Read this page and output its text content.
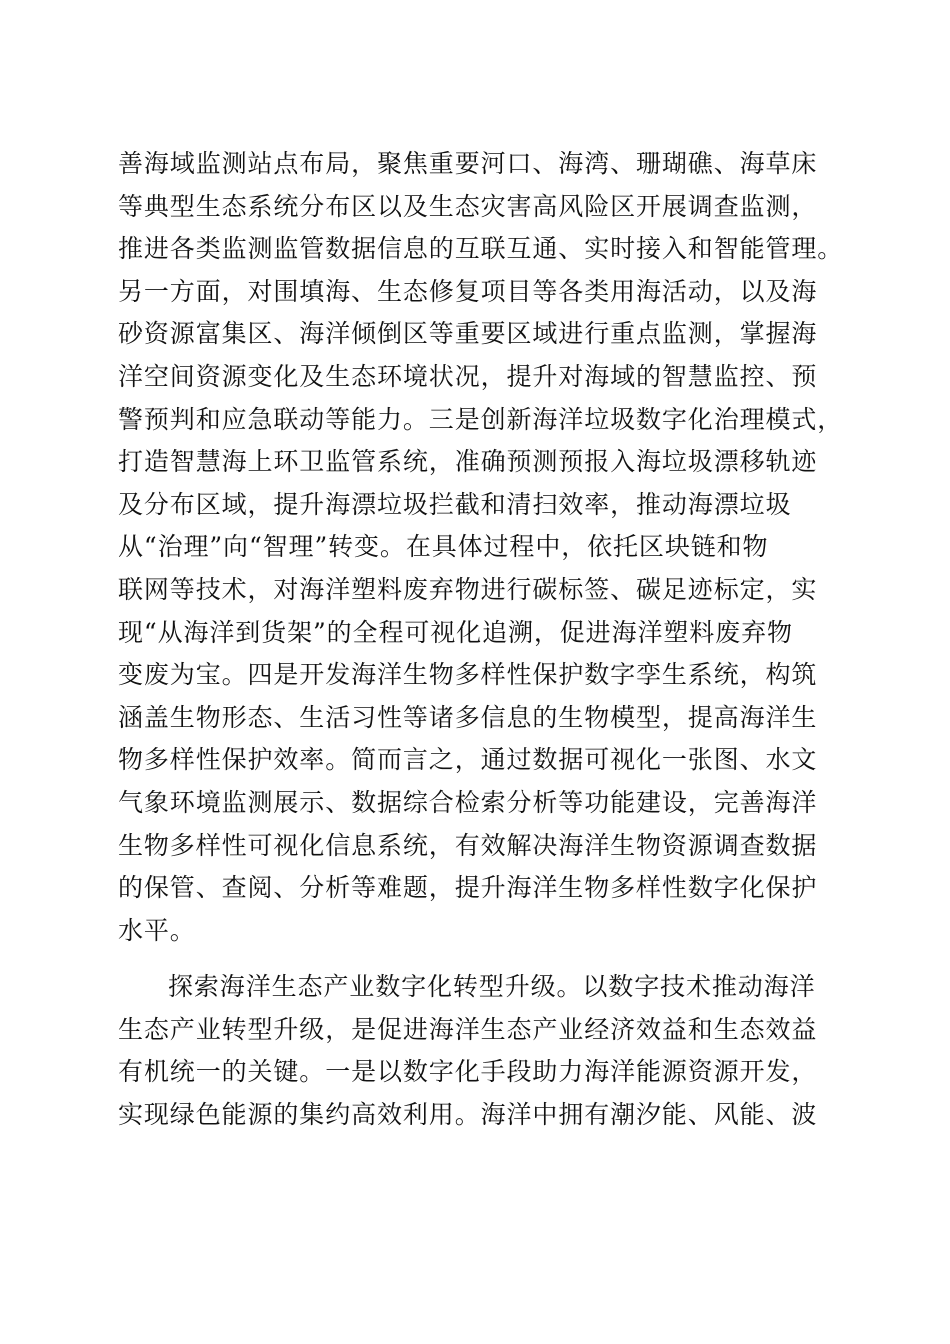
善海域监测站点布局，聚焦重要河口、海湾、珊瑚礁、海草床
等典型生态系统分布区以及生态灾害高风险区开展调查监测，
推进各类监测监管数据信息的互联互通、实时接入和智能管理。
另一方面，对围填海、生态修复项目等各类用海活动，以及海
砂资源富集区、海洋倾倒区等重要区域进行重点监测，掌握海
洋空间资源变化及生态环境状况，提升对海域的智慧监控、预
警预判和应急联动等能力。三是创新海洋垃圾数字化治理模式，
打造智慧海上环卫监管系统，准确预测预报入海垃圾漂移轨迹
及分布区域，提升海漂垃圾拦截和清扫效率，推动海漂垃圾
从“治理”向“智理”转变。在具体过程中，依托区块链和物
联网等技术，对海洋塑料废弃物进行碳标签、碳足迹标定，实
现“从海洋到货架”的全程可视化追溯，促进海洋塑料废弃物
变废为宝。四是开发海洋生物多样性保护数字孪生系统，构筑
涵盖生物形态、生活习性等诸多信息的生物模型，提高海洋生
物多样性保护效率。简而言之，通过数据可视化一张图、水文
气象环境监测展示、数据综合检索分析等功能建设，完善海洋
生物多样性可视化信息系统，有效解决海洋生物资源调查数据
的保管、查阅、分析等难题，提升海洋生物多样性数字化保护
水平。
探索海洋生态产业数字化转型升级。以数字技术推动海洋
生态产业转型升级，是促进海洋生态产业经济效益和生态效益
有机统一的关键。一是以数字化手段助力海洋能源资源开发，
实现绿色能源的集约高效利用。海洋中拥有潮汐能、风能、波
